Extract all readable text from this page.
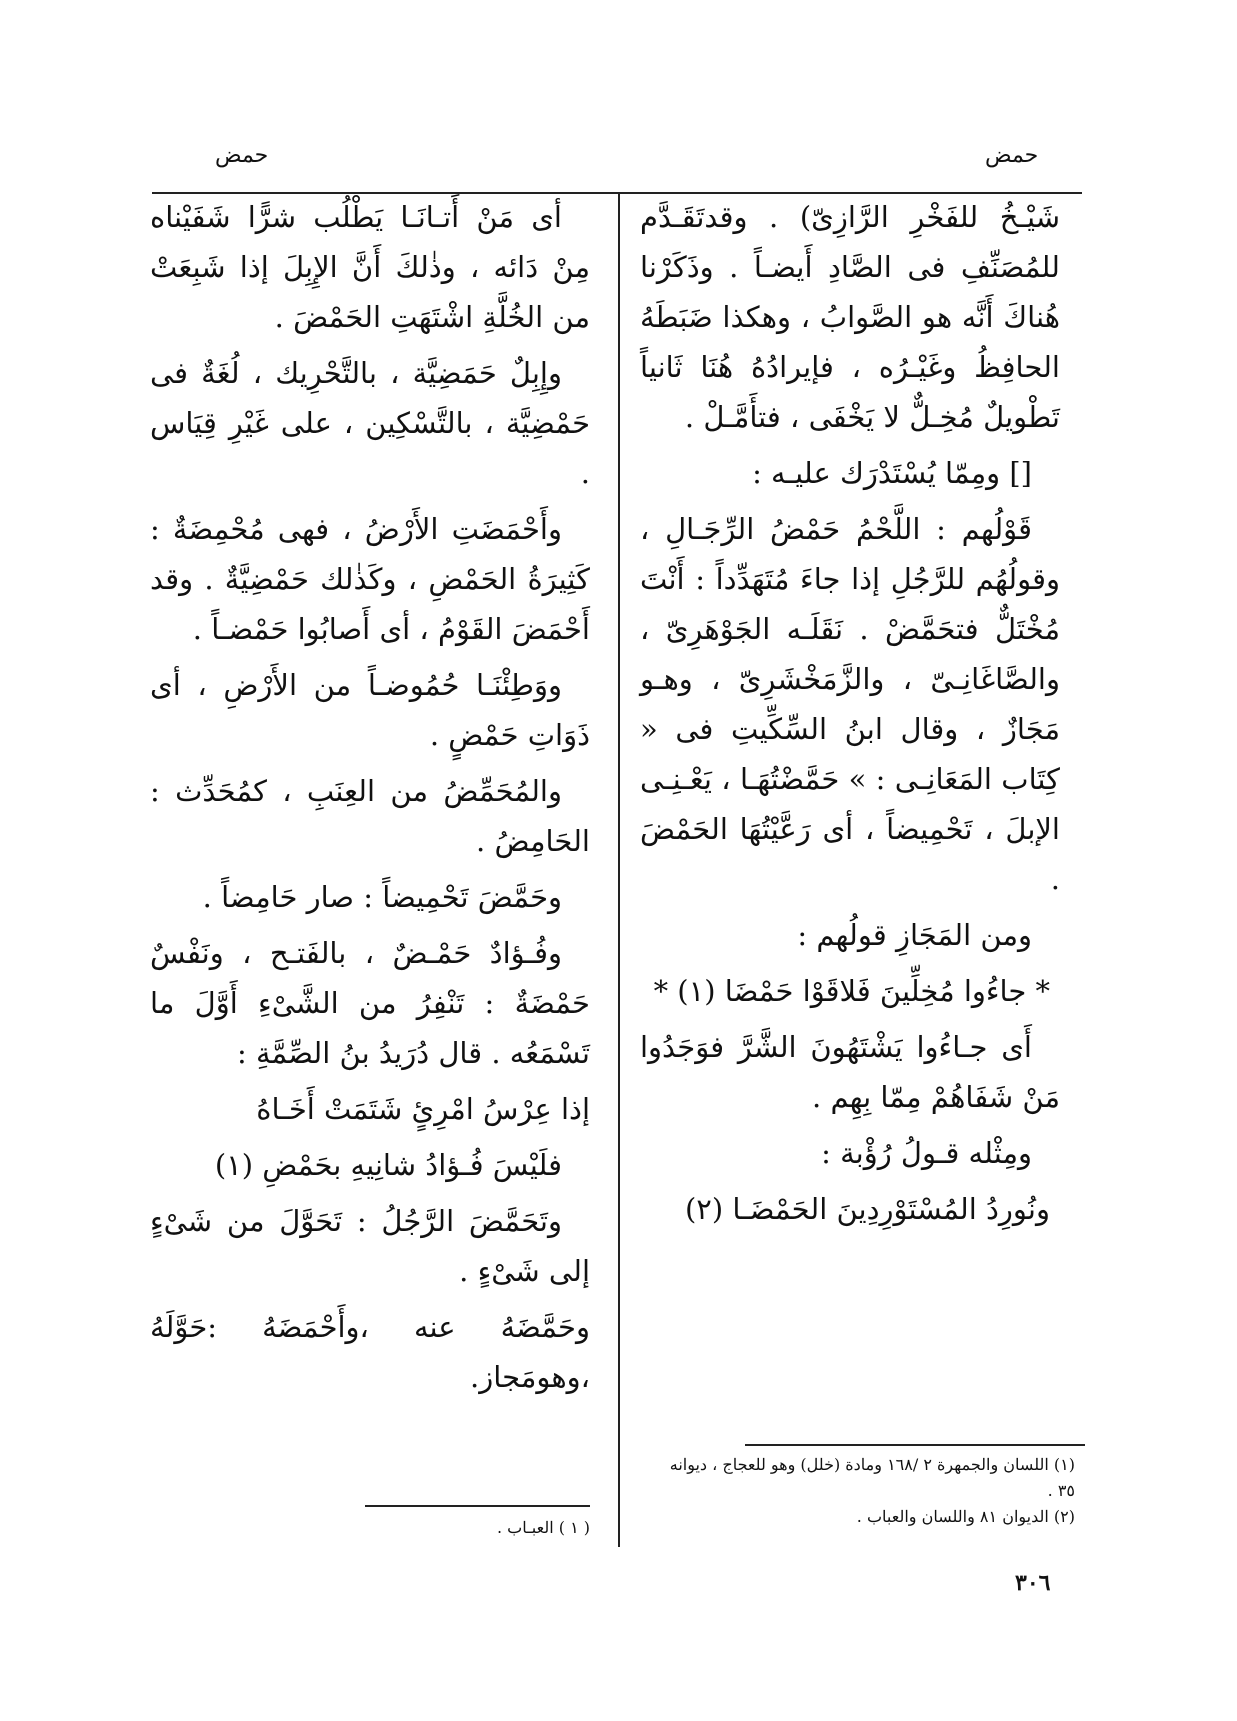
حمض
حمض

شَيْـخُ للفَخْرِ الرَّازِىّ) . وقدتَقَـدَّم للمُصَنِّفِ فى الصَّادِ أَيضـاً . وذَكَرْنا هُناكَ أَنَّه هو الصَّوابُ ، وهكذا ضَبَطَهُ الحافِظُ وغَيْـرُه ، فإيرادُهُ هُنَا ثَانياً تَطْويلٌ مُخِـلٌّ لا يَخْفَى ، فتأَمَّـلْ .

[] ومِمّا يُسْتَدْرَك عليـه :

قَوْلُهم : اللَّحْمُ حَمْضُ الرِّجَـالِ ، وقولُهُم للرَّجُلِ إذا جاءَ مُتَهَدِّداً : أَنْتَ مُخْتَلٌّ فتحَمَّضْ . نَقَلَـه الجَوْهَرِىّ ، والصَّاغَانِـىّ ، والزَّمَخْشَرِىّ ، وهـو مَجَازٌ ، وقال ابنُ السِّكِّيتِ فى « كِتَاب المَعَانِـى : » حَمَّضْتُهَـا ، يَعْـنِـى الإبلَ ، تَحْمِيضاً ، أى رَعَّيْتُهَا الحَمْضَ .

ومن المَجَازِ قولُهم :

* جاءُوا مُخِلِّينَ فَلاقَوْا حَمْضَا (١) *

أَى جـاءُوا يَشْتَهُونَ الشَّرَّ فوَجَدُوا مَنْ شَفَاهُمْ مِمّا بِهِم .

ومِثْله قـولُ رُؤْبة :

ونُورِدُ المُسْتَوْرِدِينَ الحَمْضَـا (٢)

أى مَنْ أَتـانَـا يَطْلُب شرًّا شَفَيْناه مِنْ دَائه ، وذٰلكَ أَنَّ الإِبِلَ إذا شَبِعَتْ من الخُلَّةِ اشْتَهَتِ الحَمْضَ .

وإِبِلٌ حَمَضِيَّة ، بالتَّحْرِيك ، لُغَةٌ فى حَمْضِيَّة ، بالتَّسْكِين ، على غَيْرِ قِيَاس .

وأَحْمَضَتِ الأَرْضُ ، فهى مُحْمِضَةٌ : كَثِيرَةُ الحَمْضِ ، وكَذٰلك حَمْضِيَّةٌ . وقد أَحْمَضَ القَوْمُ ، أى أَصابُوا حَمْضـاً .

ووَطِئْنَـا حُمُوضـاً من الأَرْضِ ، أى ذَوَاتِ حَمْضٍ .

والمُحَمِّضُ من العِنَبِ ، كمُحَدِّث : الحَامِضُ .

وحَمَّضَ تَحْمِيضاً : صار حَامِضاً .

وفُـؤادٌ حَمْـضٌ ، بالفَتـح ، ونَفْسٌ حَمْضَةٌ : تَنْفِرُ من الشَّىْءِ أَوَّلَ ما تَسْمَعُه . قال دُرَيدُ بنُ الصِّمَّةِ :

إذا عِرْسُ امْرِئٍ شَتَمَتْ أَخَـاهُ

فلَيْسَ فُـؤادُ شانِيهِ بحَمْضِ (١)

وتَحَمَّضَ الرَّجُلُ : تَحَوَّلَ من شَىْءٍ إلى شَىْءٍ .

وحَمَّضَهُ عنه ،وأَحْمَضَهُ :حَوَّلَهُ ،وهومَجاز.

(١) اللسان والجمهرة ٢ /١٦٨ ومادة (خلل) وهو للعجاج ، ديوانه ٣٥ .

(٢) الديوان ٨١ واللسان والعباب .

( ١ ) العبـاب .

٣٠٦
